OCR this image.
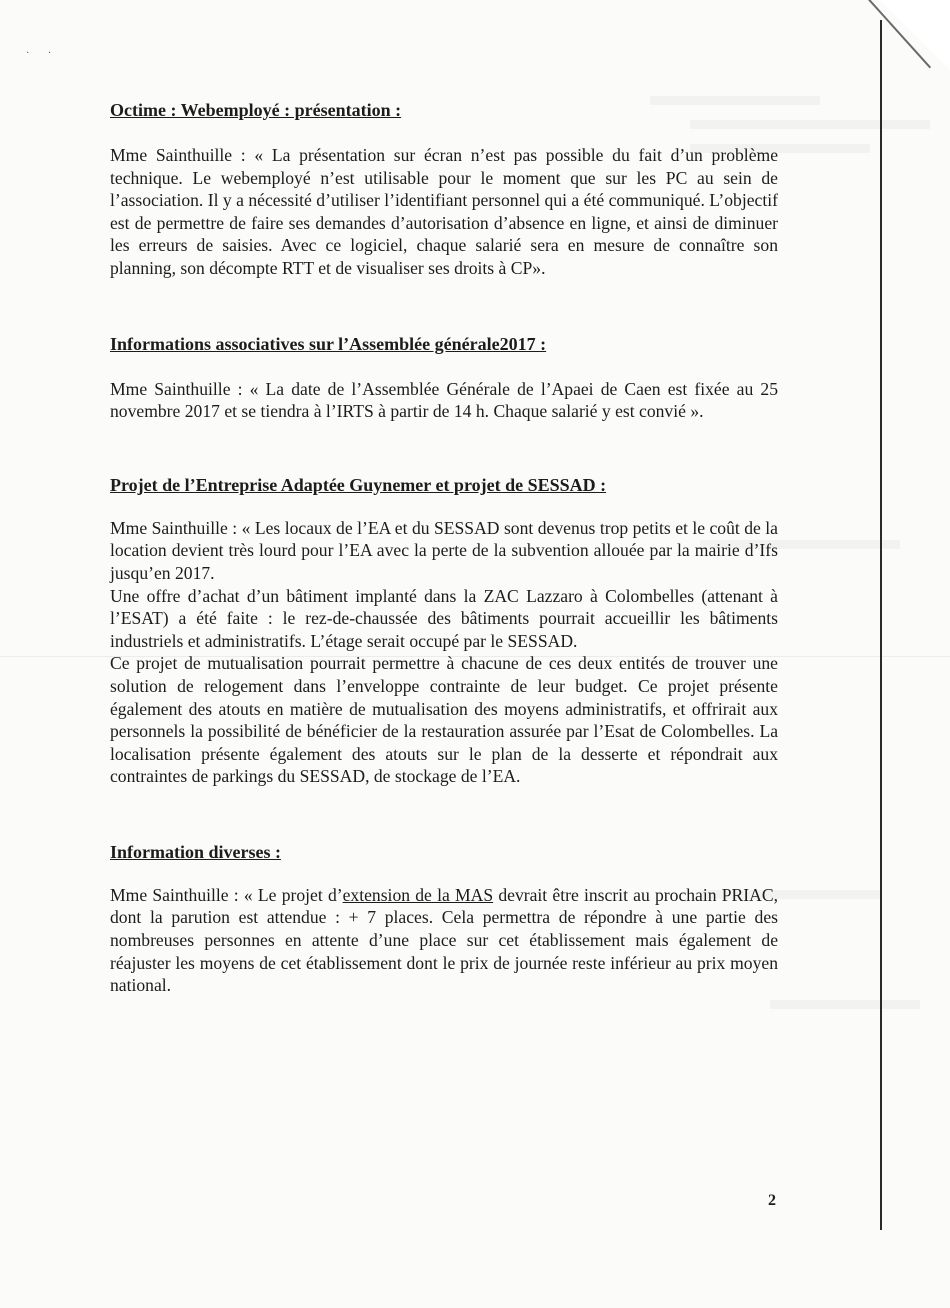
· ·
Octime : Webemployé : présentation :

Mme Sainthuille : « La présentation sur écran n’est pas possible du fait d’un problème technique. Le webemployé n’est utilisable pour le moment que sur les PC au sein de l’association. Il y a nécessité d’utiliser l’identifiant personnel qui a été communiqué. L’objectif est de permettre de faire ses demandes d’autorisation d’absence en ligne, et ainsi de diminuer les erreurs de saisies. Avec ce logiciel, chaque salarié sera en mesure de connaître son planning, son décompte RTT et de visualiser ses droits à CP».

Informations associatives sur l’Assemblée générale2017 :

Mme Sainthuille : « La date de l’Assemblée Générale de l’Apaei de Caen est fixée au 25 novembre 2017 et se tiendra à l’IRTS à partir de 14 h. Chaque salarié y est convié ».

Projet de l’Entreprise Adaptée Guynemer et projet de SESSAD :

Mme Sainthuille : « Les locaux de l’EA et du SESSAD sont devenus trop petits et le coût de la location devient très lourd pour l’EA avec la perte de la subvention allouée par la mairie d’Ifs jusqu’en 2017.

Une offre d’achat d’un bâtiment implanté dans la ZAC Lazzaro à Colombelles (attenant à l’ESAT) a été faite : le rez-de-chaussée des bâtiments pourrait accueillir les bâtiments industriels et administratifs. L’étage serait occupé par le SESSAD.

Ce projet de mutualisation pourrait permettre à chacune de ces deux entités de trouver une solution de relogement dans l’enveloppe contrainte de leur budget. Ce projet présente également des atouts en matière de mutualisation des moyens administratifs, et offrirait aux personnels la possibilité de bénéficier de la restauration assurée par l’Esat de Colombelles. La localisation présente également des atouts sur le plan de la desserte et répondrait aux contraintes de parkings du SESSAD, de stockage de l’EA.

Information diverses :

Mme Sainthuille : « Le projet d’extension de la MAS devrait être inscrit au prochain PRIAC, dont la parution est attendue : + 7 places. Cela permettra de répondre à une partie des nombreuses personnes en attente d’une place sur cet établissement mais également de réajuster les moyens de cet établissement dont le prix de journée reste inférieur au prix moyen national.

2
